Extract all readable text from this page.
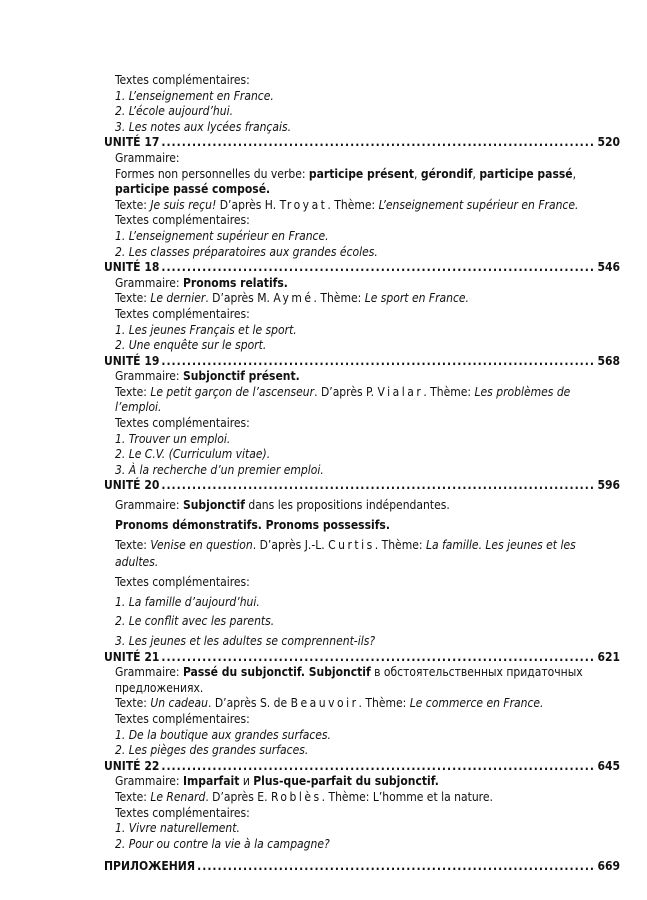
Textes complémentaires:
1. L’enseignement en France.
2. L’école aujourd’hui.
3. Les notes aux lycées français.
UNITÉ 17 .....	520
Grammaire:
Formes non personnelles du verbe: participe présent, gérondif, participe passé, participe passé composé.
Texte: Je suis reçu! D’après H. Troyat. Thème: L’enseignement supérieur en France.
Textes complémentaires:
1. L’enseignement supérieur en France.
2. Les classes préparatoires aux grandes écoles.
UNITÉ 18 .....	546
Grammaire: Pronoms relatifs.
Texte: Le dernier. D’après M. Aymé. Thème: Le sport en France.
Textes complémentaires:
1. Les jeunes Français et le sport.
2. Une enquête sur le sport.
UNITÉ 19 .....	568
Grammaire: Subjonctif présent.
Texte: Le petit garçon de l’ascenseur. D’après P. Vialar. Thème: Les problèmes de l’emploi.
Textes complémentaires:
1. Trouver un emploi.
2. Le C.V. (Curriculum vitae).
3. À la recherche d’un premier emploi.
UNITÉ 20 .....	596
Grammaire: Subjonctif dans les propositions indépendantes.
Pronoms démonstratifs. Pronoms possessifs.
Texte: Venise en question. D’après J.-L. Curtis. Thème: La famille. Les jeunes et les adultes.
Textes complémentaires:
1. La famille d’aujourd’hui.
2. Le conflit avec les parents.
3. Les jeunes et les adultes se comprennent-ils?
UNITÉ 21 .....	621
Grammaire: Passé du subjonctif. Subjonctif в обстоятельственных придаточных предложениях.
Texte: Un cadeau. D’après S. de Beauvoir. Thème: Le commerce en France.
Textes complémentaires:
1. De la boutique aux grandes surfaces.
2. Les pièges des grandes surfaces.
UNITÉ 22 .....	645
Grammaire: Imparfait и Plus-que-parfait du subjonctif.
Texte: Le Renard. D’après E. Roblès. Thème: L’homme et la nature.
Textes complémentaires:
1. Vivre naturellement.
2. Pour ou contre la vie à la campagne?
ПРИЛОЖЕНИЯ .....	669
